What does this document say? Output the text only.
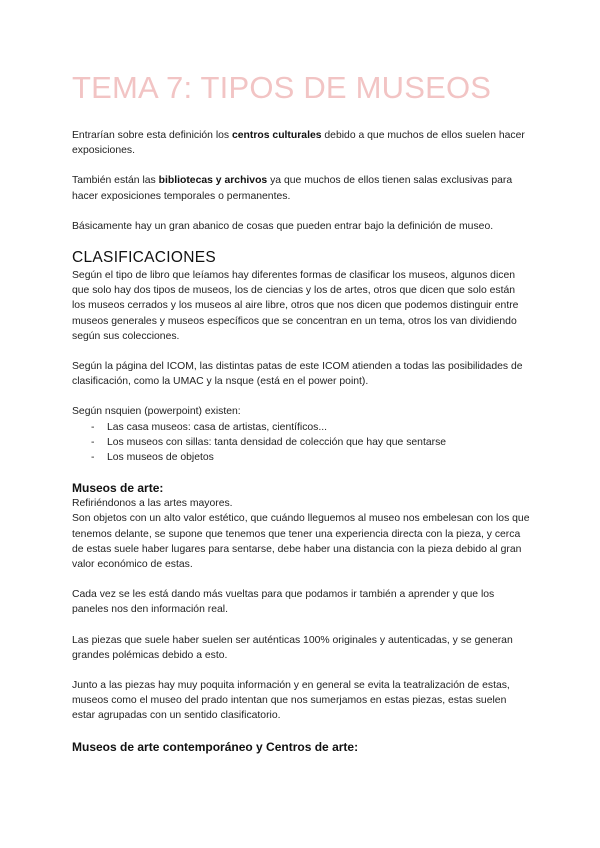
TEMA 7: TIPOS DE MUSEOS

Entrarían sobre esta definición los centros culturales debido a que muchos de ellos suelen hacer exposiciones.

También están las bibliotecas y archivos ya que muchos de ellos tienen salas exclusivas para hacer exposiciones temporales o permanentes.

Básicamente hay un gran abanico de cosas que pueden entrar bajo la definición de museo.

CLASIFICACIONES

Según el tipo de libro que leíamos hay diferentes formas de clasificar los museos, algunos dicen que solo hay dos tipos de museos, los de ciencias y los de artes, otros que dicen que solo están los museos cerrados y los museos al aire libre, otros que nos dicen que podemos distinguir entre museos generales y museos específicos que se concentran en un tema, otros los van dividiendo según sus colecciones.

Según la página del ICOM, las distintas patas de este ICOM atienden a todas las posibilidades de clasificación, como la UMAC y la nsque (está en el power point).

Según nsquien (powerpoint) existen:

- Las casa museos: casa de artistas, científicos...
- Los museos con sillas: tanta densidad de colección que hay que sentarse
- Los museos de objetos
Museos de arte:

Refiriéndonos a las artes mayores.

Son objetos con un alto valor estético, que cuándo lleguemos al museo nos embelesan con los que tenemos delante, se supone que tenemos que tener una experiencia directa con la pieza, y cerca de estas suele haber lugares para sentarse, debe haber una distancia con la pieza debido al gran valor económico de estas.

Cada vez se les está dando más vueltas para que podamos ir también a aprender y que los paneles nos den información real.

Las piezas que suele haber suelen ser auténticas 100% originales y autenticadas, y se generan grandes polémicas debido a esto.

Junto a las piezas hay muy poquita información y en general se evita la teatralización de estas, museos como el museo del prado intentan que nos sumerjamos en estas piezas, estas suelen estar agrupadas con un sentido clasificatorio.

Museos de arte contemporáneo y Centros de arte:
